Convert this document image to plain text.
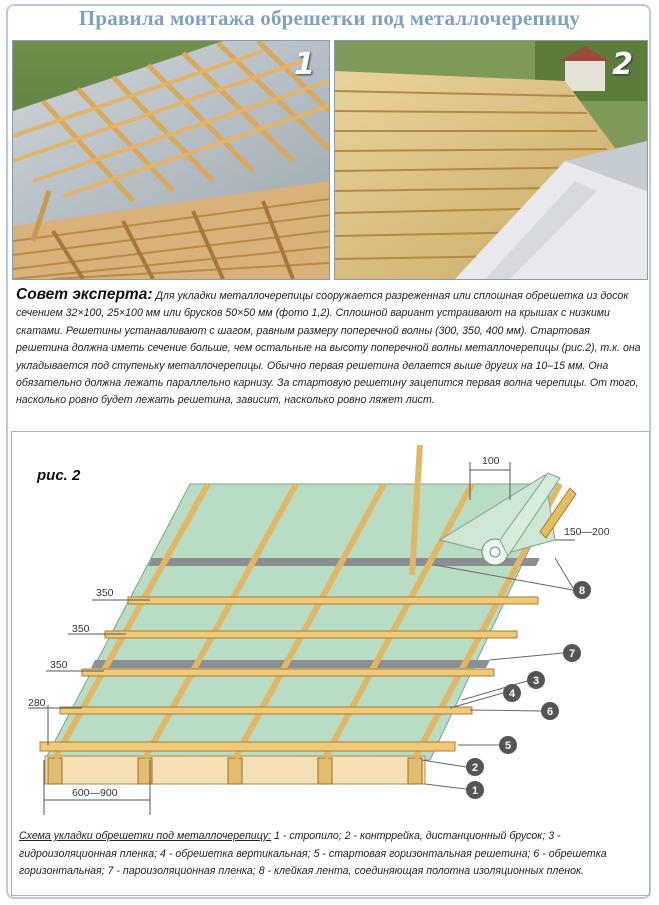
Правила монтажа обрешетки под металлочерепицу
1	2
Совет эксперта: Для укладки металлочерепицы сооружается разреженная или сплошная обрешетка из досок сечением 32×100, 25×100 мм или брусков 50×50 мм (фото 1,2). Сплошной вариант устраивают на крышах с низкими скатами. Решетины устанавливают с шагом, равным размеру поперечной волны (300, 350, 400 мм). Стартовая решетина должна иметь сечение больше, чем остальные на высоту поперечной волны металлочерепицы (рис.2), т.к. она укладывается под ступеньку металлочерепицы. Обычно первая решетина делается выше других на 10–15 мм. Она обязательно должна лежать параллельно карнизу. За стартовую решетину зацепится первая волна черепицы. От того, насколько ровно будет лежать решетина, зависит, насколько ровно ляжет лист.
рис. 2
350
350
350
280
600—900
100
150—200
1
2
3
4
5
6
7
8
Схема укладки обрешетки под металлочерепицу: 1 - стропило; 2 - контррейка, дистанционный брусок; 3 - гидроизоляционная пленка; 4 - обрешетка вертикальная; 5 - стартовая горизонтальная решетина; 6 - обрешетка горизонтальная; 7 - пароизоляционная пленка; 8 - клейкая лента, соединяющая полотна изоляционных пленок.
